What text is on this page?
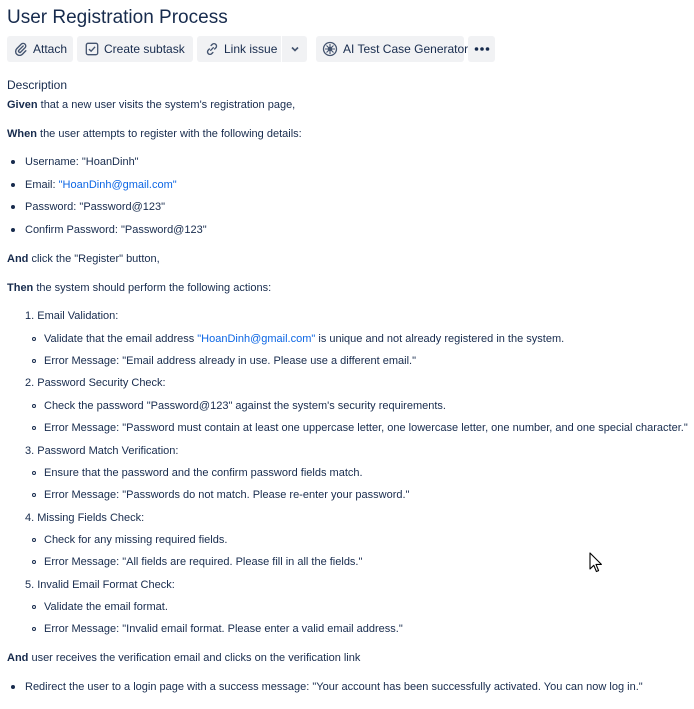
User Registration Process
Attach	Create subtask	Link issue	AI Test Case Generator
Description
Given that a new user visits the system's registration page,
When the user attempts to register with the following details:
Username: "HoanDinh"
Email: "HoanDinh@gmail.com"
Password: "Password@123"
Confirm Password: "Password@123"
And click the "Register" button,
Then the system should perform the following actions:
1. Email Validation:
Validate that the email address "HoanDinh@gmail.com" is unique and not already registered in the system.
Error Message: "Email address already in use. Please use a different email."
2. Password Security Check:
Check the password "Password@123" against the system's security requirements.
Error Message: "Password must contain at least one uppercase letter, one lowercase letter, one number, and one special character."
3. Password Match Verification:
Ensure that the password and the confirm password fields match.
Error Message: "Passwords do not match. Please re-enter your password."
4. Missing Fields Check:
Check for any missing required fields.
Error Message: "All fields are required. Please fill in all the fields."
5. Invalid Email Format Check:
Validate the email format.
Error Message: "Invalid email format. Please enter a valid email address."
And user receives the verification email and clicks on the verification link
Redirect the user to a login page with a success message: "Your account has been successfully activated. You can now log in."
